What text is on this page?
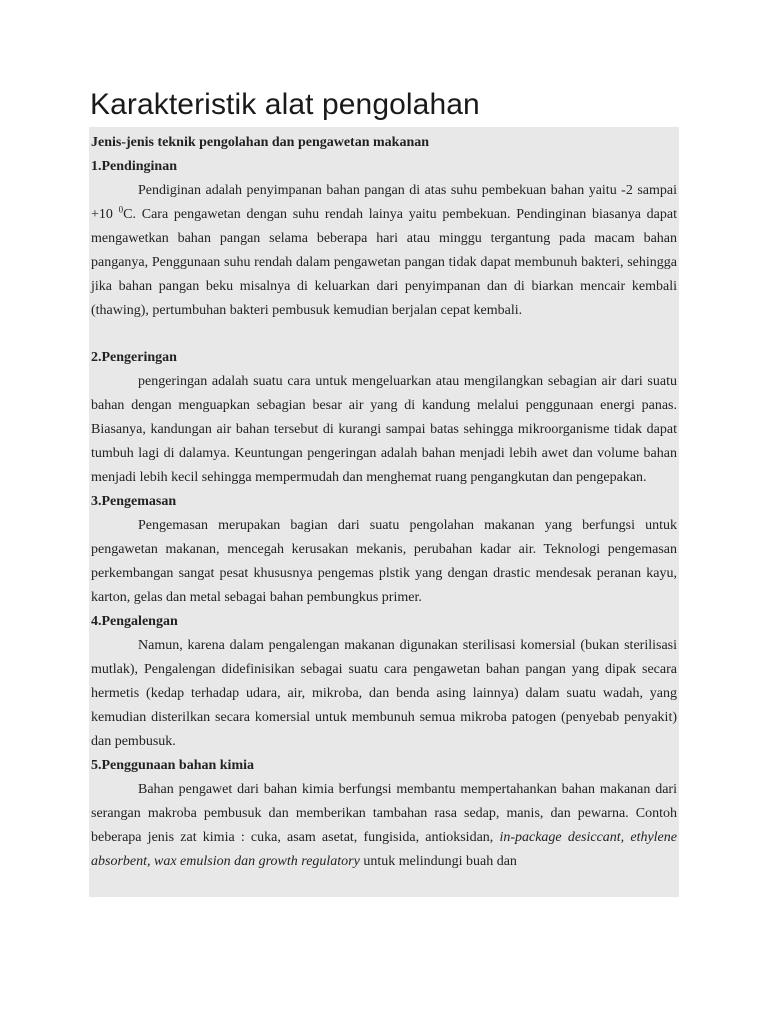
Karakteristik alat pengolahan

Jenis-jenis teknik pengolahan dan pengawetan makanan

1.Pendinginan

Pendiginan adalah penyimpanan bahan pangan di atas suhu pembekuan bahan yaitu -2 sampai +10 $^0$C. Cara pengawetan dengan suhu rendah lainya yaitu pembekuan. Pendinginan biasanya dapat mengawetkan bahan pangan selama beberapa hari atau minggu tergantung pada macam bahan panganya, Penggunaan suhu rendah dalam pengawetan pangan tidak dapat membunuh bakteri, sehingga jika bahan pangan beku misalnya di keluarkan dari penyimpanan dan di biarkan mencair kembali (thawing), pertumbuhan bakteri pembusuk kemudian berjalan cepat kembali.

2.Pengeringan

pengeringan adalah suatu cara untuk mengeluarkan atau mengilangkan sebagian air dari suatu bahan dengan menguapkan sebagian besar air yang di kandung melalui penggunaan energi panas. Biasanya, kandungan air bahan tersebut di kurangi sampai batas sehingga mikroorganisme tidak dapat tumbuh lagi di dalamya. Keuntungan pengeringan adalah bahan menjadi lebih awet dan volume bahan menjadi lebih kecil sehingga mempermudah dan menghemat ruang pengangkutan dan pengepakan.

3.Pengemasan

Pengemasan merupakan bagian dari suatu pengolahan makanan yang berfungsi untuk pengawetan makanan, mencegah kerusakan mekanis, perubahan kadar air. Teknologi pengemasan perkembangan sangat pesat khususnya pengemas plstik yang dengan drastic mendesak peranan kayu, karton, gelas dan metal sebagai bahan pembungkus primer.

4.Pengalengan

Namun, karena dalam pengalengan makanan digunakan sterilisasi komersial (bukan sterilisasi mutlak), Pengalengan didefinisikan sebagai suatu cara pengawetan bahan pangan yang dipak secara hermetis (kedap terhadap udara, air, mikroba, dan benda asing lainnya) dalam suatu wadah, yang kemudian disterilkan secara komersial untuk membunuh semua mikroba patogen (penyebab penyakit) dan pembusuk.

5.Penggunaan bahan kimia

Bahan pengawet dari bahan kimia berfungsi membantu mempertahankan bahan makanan dari serangan makroba pembusuk dan memberikan tambahan rasa sedap, manis, dan pewarna. Contoh beberapa jenis zat kimia : cuka, asam asetat, fungisida, antioksidan, in-package desiccant, ethylene absorbent, wax emulsion dan growth regulatory untuk melindungi buah dan
